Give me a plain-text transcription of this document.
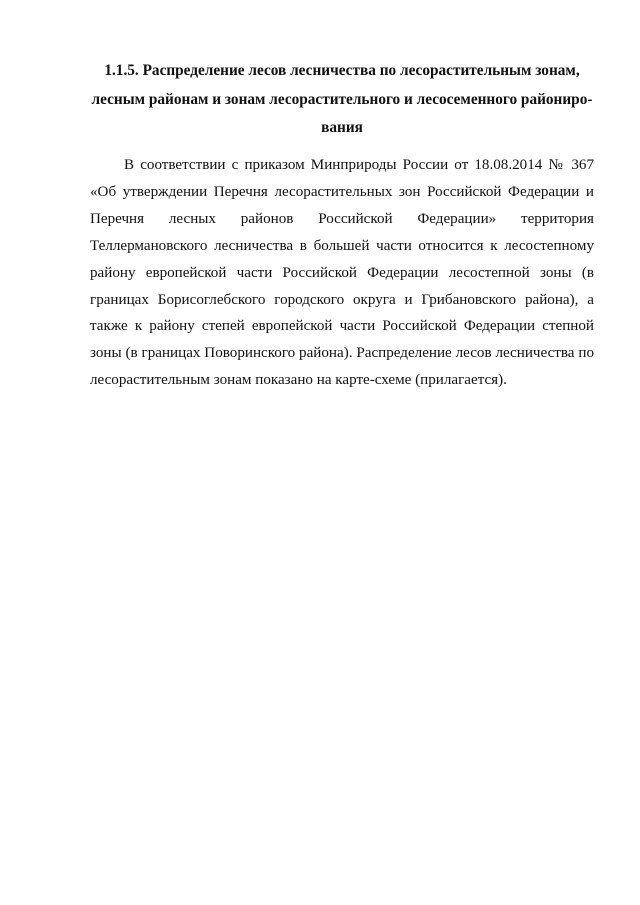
1.1.5. Распределение лесов лесничества по лесорастительным зонам,
лесным районам и зонам лесорастительного и лесосеменного райониро-
вания
В соответствии с приказом Минприроды России от 18.08.2014 № 367
«Об утверждении Перечня лесорастительных зон Российской Федерации и
Перечня лесных районов Российской Федерации» территория
Теллермановского лесничества в большей части относится к лесостепному
району европейской части Российской Федерации лесостепной зоны (в
границах Борисоглебского городского округа и Грибановского района), а
также к району степей европейской части Российской Федерации степной
зоны (в границах Поворинского района). Распределение лесов лесничества по
лесорастительным зонам показано на карте-схеме (прилагается).
